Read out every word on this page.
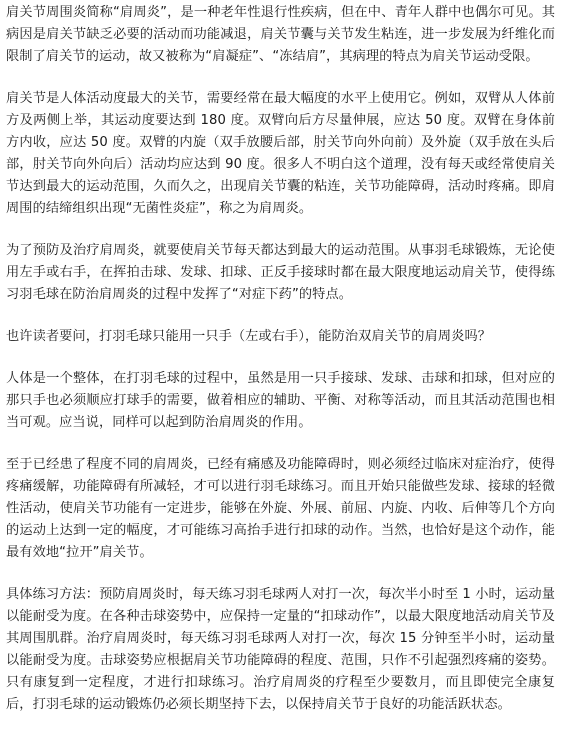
肩关节周围炎简称“肩周炎”，是一种老年性退行性疾病，但在中、青年人群中也偶尔可见。其病因是肩关节缺乏必要的活动而功能减退，肩关节囊与关节发生粘连，进一步发展为纤维化而限制了肩关节的运动，故又被称为“肩凝症”、“冻结肩”，其病理的特点为肩关节运动受限。

肩关节是人体活动度最大的关节，需要经常在最大幅度的水平上使用它。例如，双臂从人体前方及两侧上举，其运动度要达到 180 度。双臂向后方尽量伸展，应达 50 度。双臂在身体前方内收，应达 50 度。双臂的内旋（双手放腰后部，肘关节向外向前）及外旋（双手放在头后部，肘关节向外向后）活动均应达到 90 度。很多人不明白这个道理，没有每天或经常使肩关节达到最大的运动范围，久而久之，出现肩关节囊的粘连，关节功能障碍，活动时疼痛。即肩周围的结缔组织出现“无菌性炎症”，称之为肩周炎。

为了预防及治疗肩周炎，就要使肩关节每天都达到最大的运动范围。从事羽毛球锻炼，无论使用左手或右手，在挥拍击球、发球、扣球、正反手接球时都在最大限度地运动肩关节，使得练习羽毛球在防治肩周炎的过程中发挥了“对症下药”的特点。

也许读者要问，打羽毛球只能用一只手（左或右手），能防治双肩关节的肩周炎吗？

人体是一个整体，在打羽毛球的过程中，虽然是用一只手接球、发球、击球和扣球，但对应的那只手也必须顺应打球手的需要，做着相应的辅助、平衡、对称等活动，而且其活动范围也相当可观。应当说，同样可以起到防治肩周炎的作用。

至于已经患了程度不同的肩周炎，已经有痛感及功能障碍时，则必须经过临床对症治疗，使得疼痛缓解，功能障碍有所减轻，才可以进行羽毛球练习。而且开始只能做些发球、接球的轻微性活动，使肩关节功能有一定进步，能够在外旋、外展、前屈、内旋、内收、后伸等几个方向的运动上达到一定的幅度，才可能练习高抬手进行扣球的动作。当然，也恰好是这个动作，能最有效地“拉开”肩关节。

具体练习方法：预防肩周炎时，每天练习羽毛球两人对打一次，每次半小时至 1 小时，运动量以能耐受为度。在各种击球姿势中，应保持一定量的“扣球动作”，以最大限度地活动肩关节及其周围肌群。治疗肩周炎时，每天练习羽毛球两人对打一次，每次 15 分钟至半小时，运动量以能耐受为度。击球姿势应根据肩关节功能障碍的程度、范围，只作不引起强烈疼痛的姿势。只有康复到一定程度，才进行扣球练习。治疗肩周炎的疗程至少要数月，而且即使完全康复后，打羽毛球的运动锻炼仍必须长期坚持下去，以保持肩关节于良好的功能活跃状态。
